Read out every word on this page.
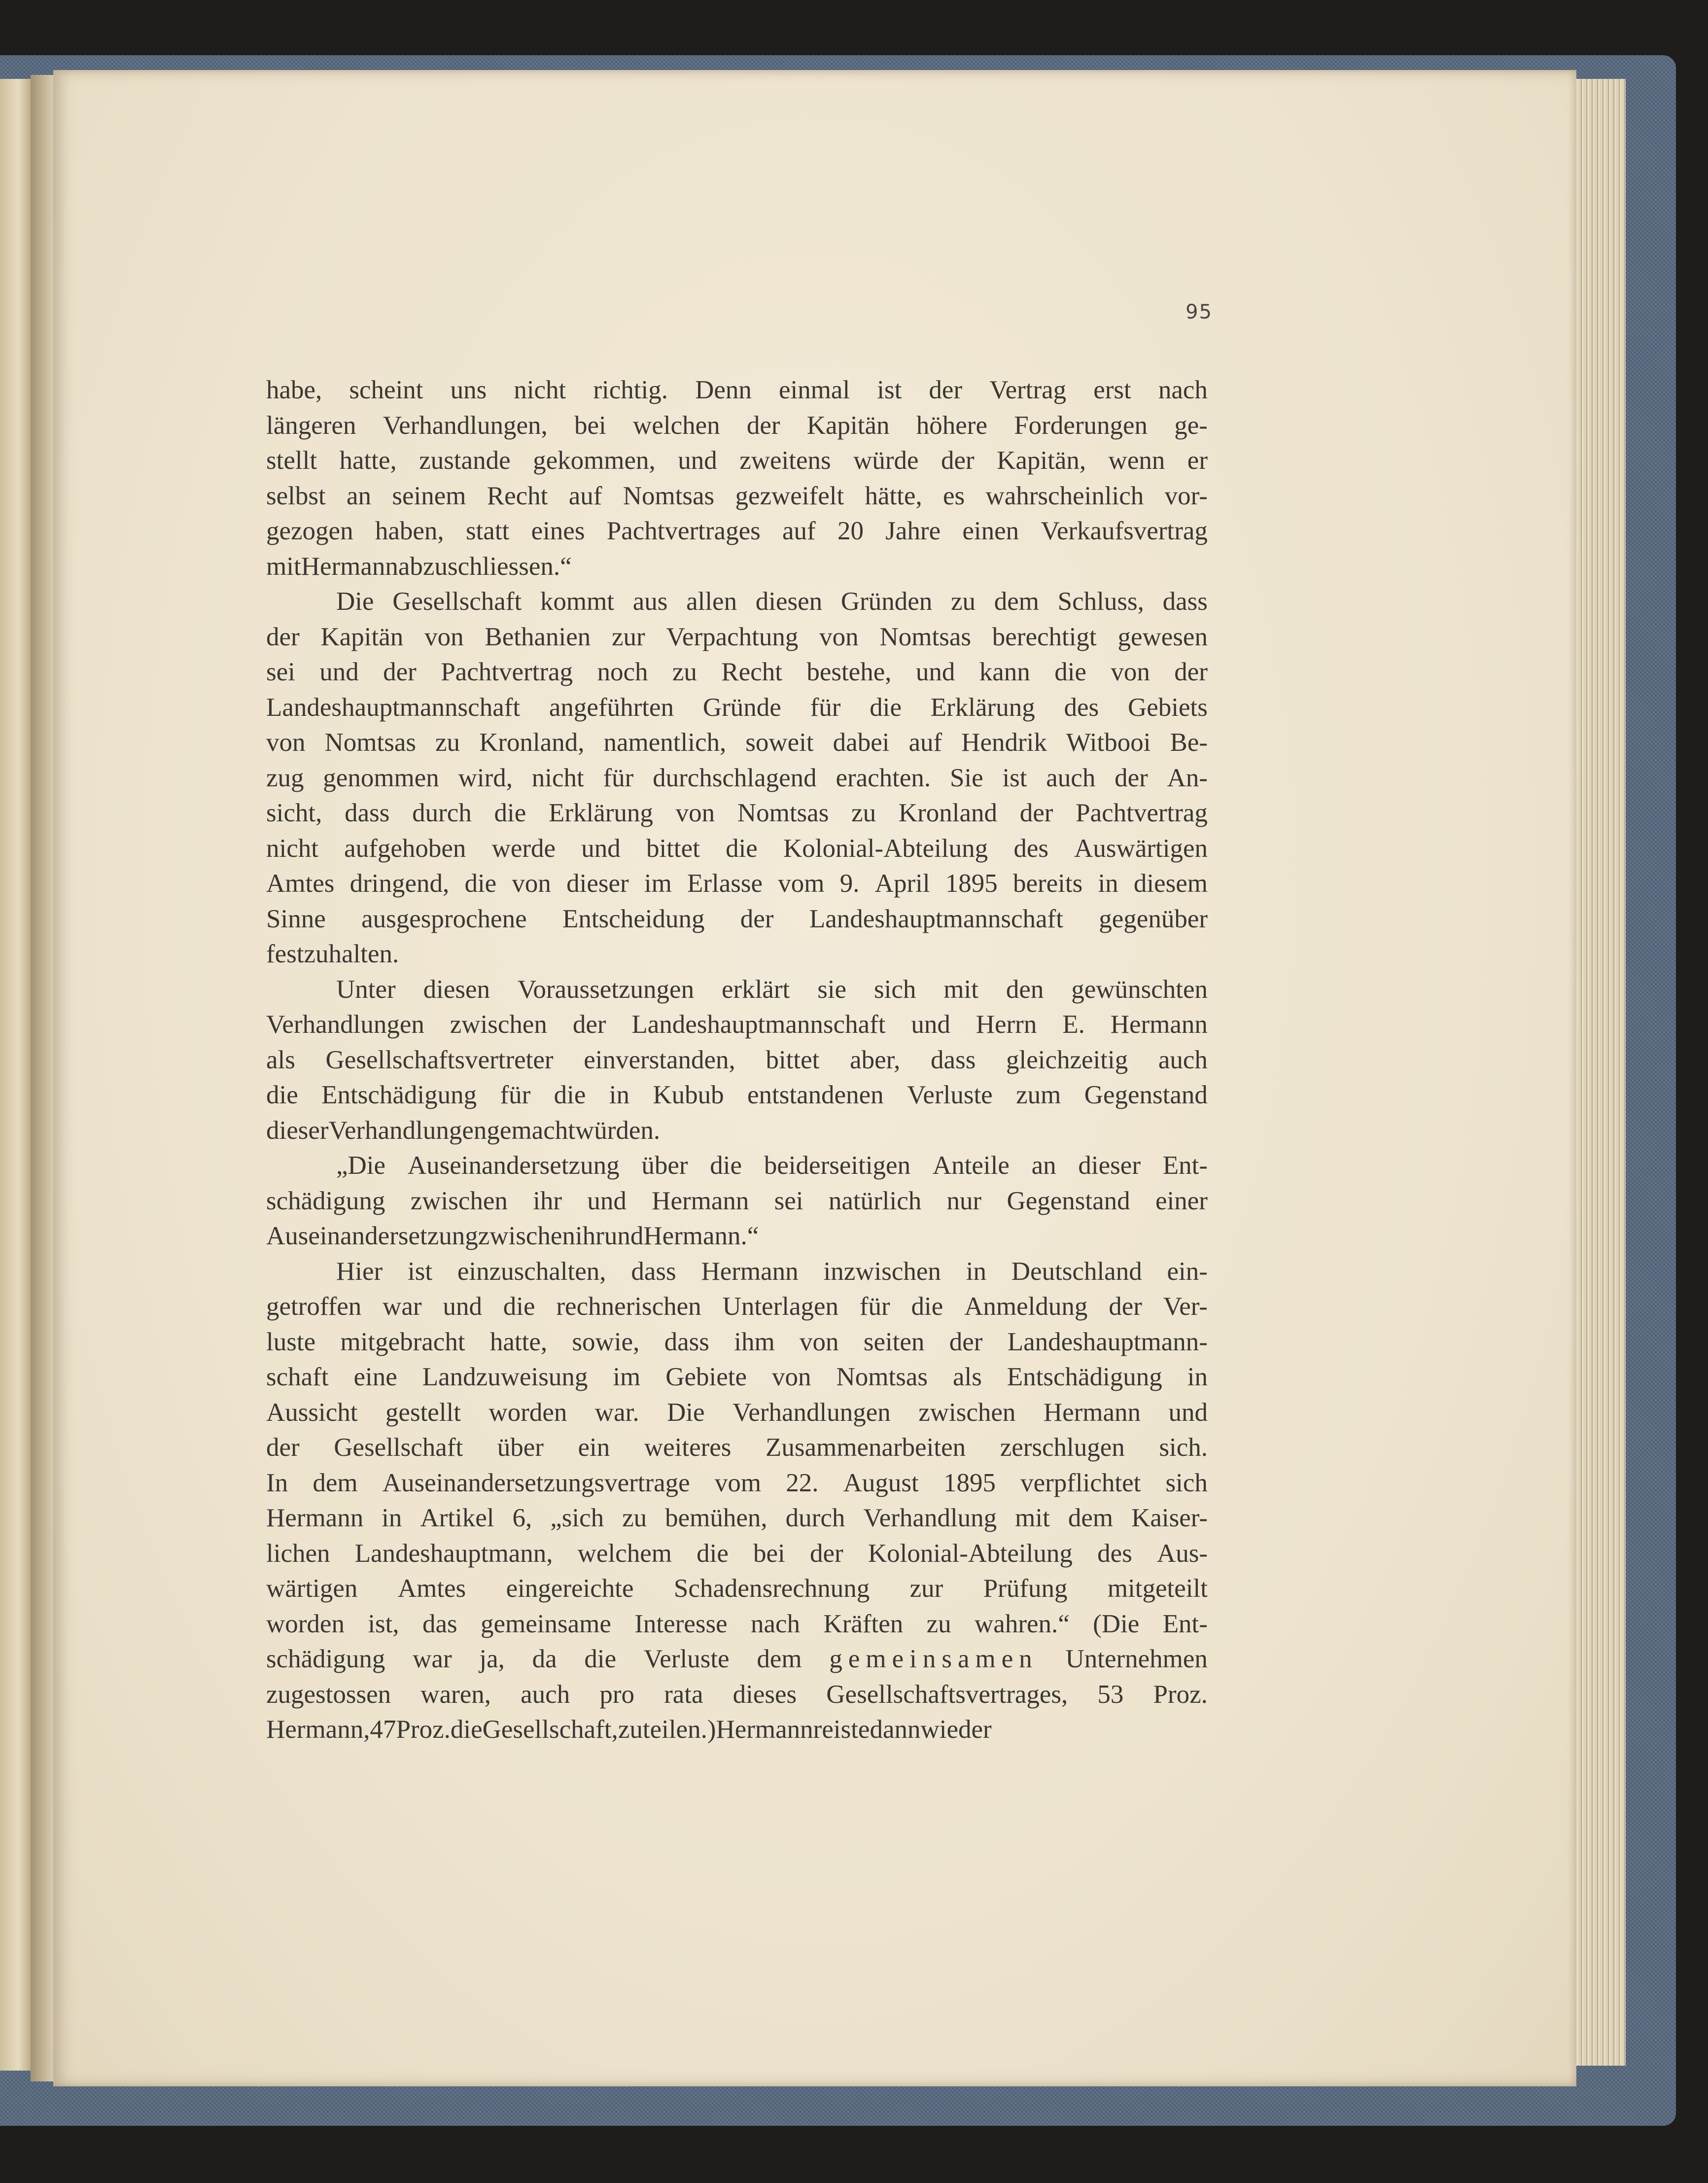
95
habe, scheint uns nicht richtig. Denn einmal ist der Vertrag erst nach
längeren Verhandlungen, bei welchen der Kapitän höhere Forderungen ge-
stellt hatte, zustande gekommen, und zweitens würde der Kapitän, wenn er
selbst an seinem Recht auf Nomtsas gezweifelt hätte, es wahrscheinlich vor-
gezogen haben, statt eines Pachtvertrages auf 20 Jahre einen Verkaufsvertrag
mit Hermann abzuschliessen.“
Die Gesellschaft kommt aus allen diesen Gründen zu dem Schluss, dass
der Kapitän von Bethanien zur Verpachtung von Nomtsas berechtigt gewesen
sei und der Pachtvertrag noch zu Recht bestehe, und kann die von der
Landeshauptmannschaft angeführten Gründe für die Erklärung des Gebiets
von Nomtsas zu Kronland, namentlich, soweit dabei auf Hendrik Witbooi Be-
zug genommen wird, nicht für durchschlagend erachten. Sie ist auch der An-
sicht, dass durch die Erklärung von Nomtsas zu Kronland der Pachtvertrag
nicht aufgehoben werde und bittet die Kolonial-Abteilung des Auswärtigen
Amtes dringend, die von dieser im Erlasse vom 9. April 1895 bereits in diesem
Sinne ausgesprochene Entscheidung der Landeshauptmannschaft gegenüber
festzuhalten.
Unter diesen Voraussetzungen erklärt sie sich mit den gewünschten
Verhandlungen zwischen der Landeshauptmannschaft und Herrn E. Hermann
als Gesellschaftsvertreter einverstanden, bittet aber, dass gleichzeitig auch
die Entschädigung für die in Kubub entstandenen Verluste zum Gegenstand
dieser Verhandlungen gemacht würden.
„Die Auseinandersetzung über die beiderseitigen Anteile an dieser Ent-
schädigung zwischen ihr und Hermann sei natürlich nur Gegenstand einer
Auseinandersetzung zwischen ihr und Hermann.“
Hier ist einzuschalten, dass Hermann inzwischen in Deutschland ein-
getroffen war und die rechnerischen Unterlagen für die Anmeldung der Ver-
luste mitgebracht hatte, sowie, dass ihm von seiten der Landeshauptmann-
schaft eine Landzuweisung im Gebiete von Nomtsas als Entschädigung in
Aussicht gestellt worden war. Die Verhandlungen zwischen Hermann und
der Gesellschaft über ein weiteres Zusammenarbeiten zerschlugen sich.
In dem Auseinandersetzungsvertrage vom 22. August 1895 verpflichtet sich
Hermann in Artikel 6, „sich zu bemühen, durch Verhandlung mit dem Kaiser-
lichen Landeshauptmann, welchem die bei der Kolonial-Abteilung des Aus-
wärtigen Amtes eingereichte Schadensrechnung zur Prüfung mitgeteilt
worden ist, das gemeinsame Interesse nach Kräften zu wahren.“ (Die Ent-
schädigung war ja, da die Verluste dem gemeinsamen Unternehmen
zugestossen waren, auch pro rata dieses Gesellschaftsvertrages, 53 Proz.
Hermann, 47 Proz. die Gesellschaft, zu teilen.) Hermann reiste dann wieder
